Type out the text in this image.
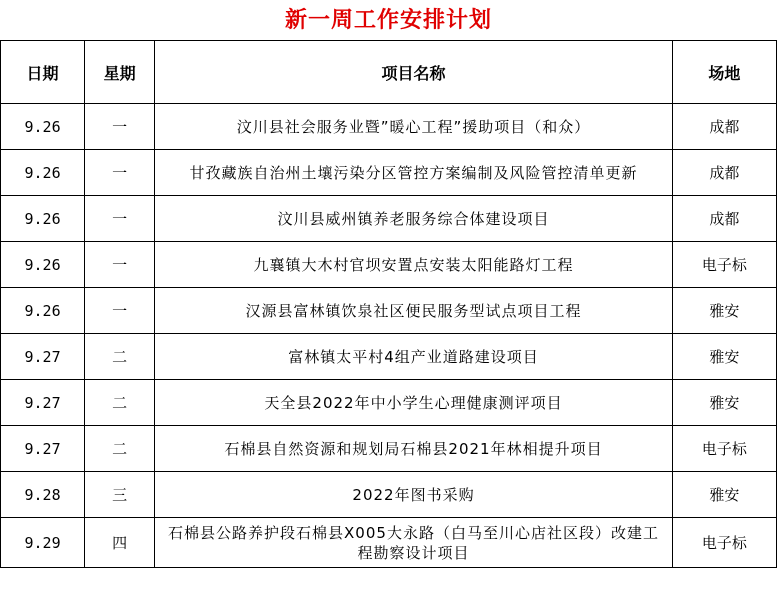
新一周工作安排计划
日期	星期	项目名称	场地
9.26	一	汶川县社会服务业暨”暖心工程”援助项目（和众）	成都
9.26	一	甘孜藏族自治州土壤污染分区管控方案编制及风险管控清单更新	成都
9.26	一	汶川县威州镇养老服务综合体建设项目	成都
9.26	一	九襄镇大木村官坝安置点安装太阳能路灯工程	电子标
9.26	一	汉源县富林镇饮泉社区便民服务型试点项目工程	雅安
9.27	二	富林镇太平村4组产业道路建设项目	雅安
9.27	二	天全县2022年中小学生心理健康测评项目	雅安
9.27	二	石棉县自然资源和规划局石棉县2021年林相提升项目	电子标
9.28	三	2022年图书采购	雅安
9.29	四	石棉县公路养护段石棉县X005大永路（白马至川心店社区段）改建工程勘察设计项目	电子标
